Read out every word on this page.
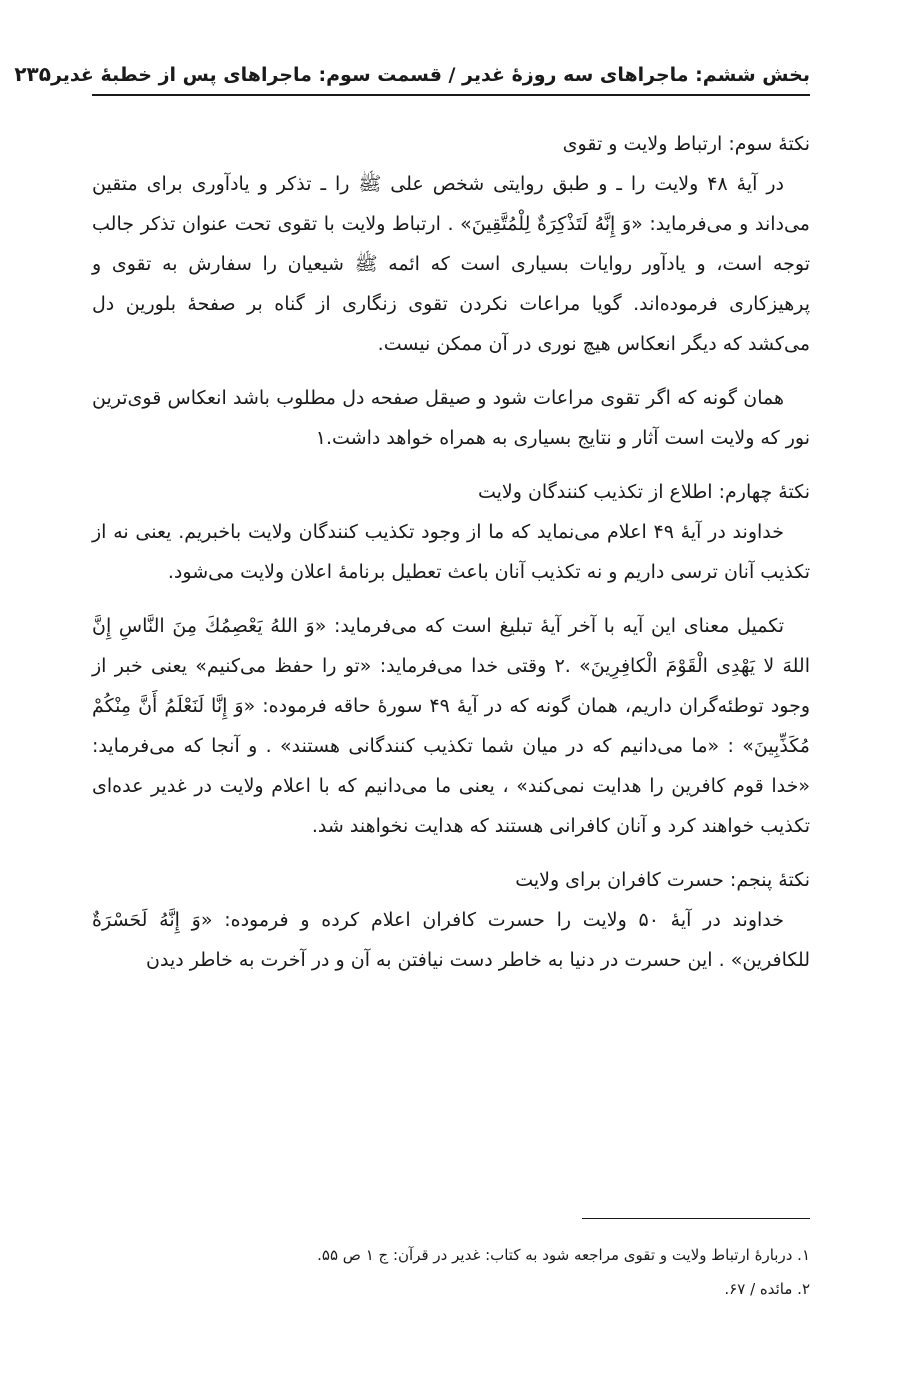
بخش ششم: ماجراهای سه روزهٔ غدیر / قسمت سوم: ماجراهای پس از خطبهٔ غدیر
۲۳۵
نکتهٔ سوم: ارتباط ولایت و تقوی

در آیهٔ ۴۸ ولایت را ـ و طبق روایتی شخص علی ﷺ را ـ تذکر و یادآوری برای متقین می‌داند و می‌فرماید: «وَ إِنَّهُ لَتَذْكِرَةٌ لِلْمُتَّقِینَ» . ارتباط ولایت با تقوی تحت عنوان تذکر جالب توجه است، و یادآور روایات بسیاری است که ائمه ﷺ شیعیان را سفارش به تقوی و پرهیزکاری فرموده‌اند. گویا مراعات نکردن تقوی زنگاری از گناه بر صفحهٔ بلورین دل می‌کشد که دیگر انعکاس هیچ نوری در آن ممکن نیست.

همان گونه که اگر تقوی مراعات شود و صیقل صفحه دل مطلوب باشد انعکاس قوی‌ترین نور که ولایت است آثار و نتایج بسیاری به همراه خواهد داشت.۱

نکتهٔ چهارم: اطلاع از تکذیب کنندگان ولایت

خداوند در آیهٔ ۴۹ اعلام می‌نماید که ما از وجود تکذیب کنندگان ولایت باخبریم. یعنی نه از تکذیب آنان ترسی داریم و نه تکذیب آنان باعث تعطیل برنامهٔ اعلان ولایت می‌شود.

تکمیل معنای این آیه با آخر آیهٔ تبلیغ است که می‌فرماید: «وَ اللهُ یَعْصِمُكَ مِنَ النَّاسِ إِنَّ اللهَ لا یَهْدِی الْقَوْمَ الْكافِرِینَ» .۲ وقتی خدا می‌فرماید: «تو را حفظ می‌کنیم» یعنی خبر از وجود توطئه‌گران داریم، همان گونه که در آیهٔ ۴۹ سورهٔ حاقه فرموده: «وَ إِنَّا لَنَعْلَمُ أَنَّ مِنْكُمْ مُكَذِّبِینَ» : «ما می‌دانیم که در میان شما تکذیب کنندگانی هستند» . و آنجا که می‌فرماید: «خدا قوم کافرین را هدایت نمی‌کند» ، یعنی ما می‌دانیم که با اعلام ولایت در غدیر عده‌ای تکذیب خواهند کرد و آنان کافرانی هستند که هدایت نخواهند شد.

نکتهٔ پنجم: حسرت کافران برای ولایت

خداوند در آیهٔ ۵۰ ولایت را حسرت کافران اعلام کرده و فرموده: «وَ إِنَّهُ لَحَسْرَةٌ للکافرین» . این حسرت در دنیا به خاطر دست نیافتن به آن و در آخرت به خاطر دیدن

۱. دربارهٔ ارتباط ولایت و تقوی مراجعه شود به کتاب: غدیر در قرآن: ج ۱ ص ۵۵.

۲. مائده / ۶۷.
